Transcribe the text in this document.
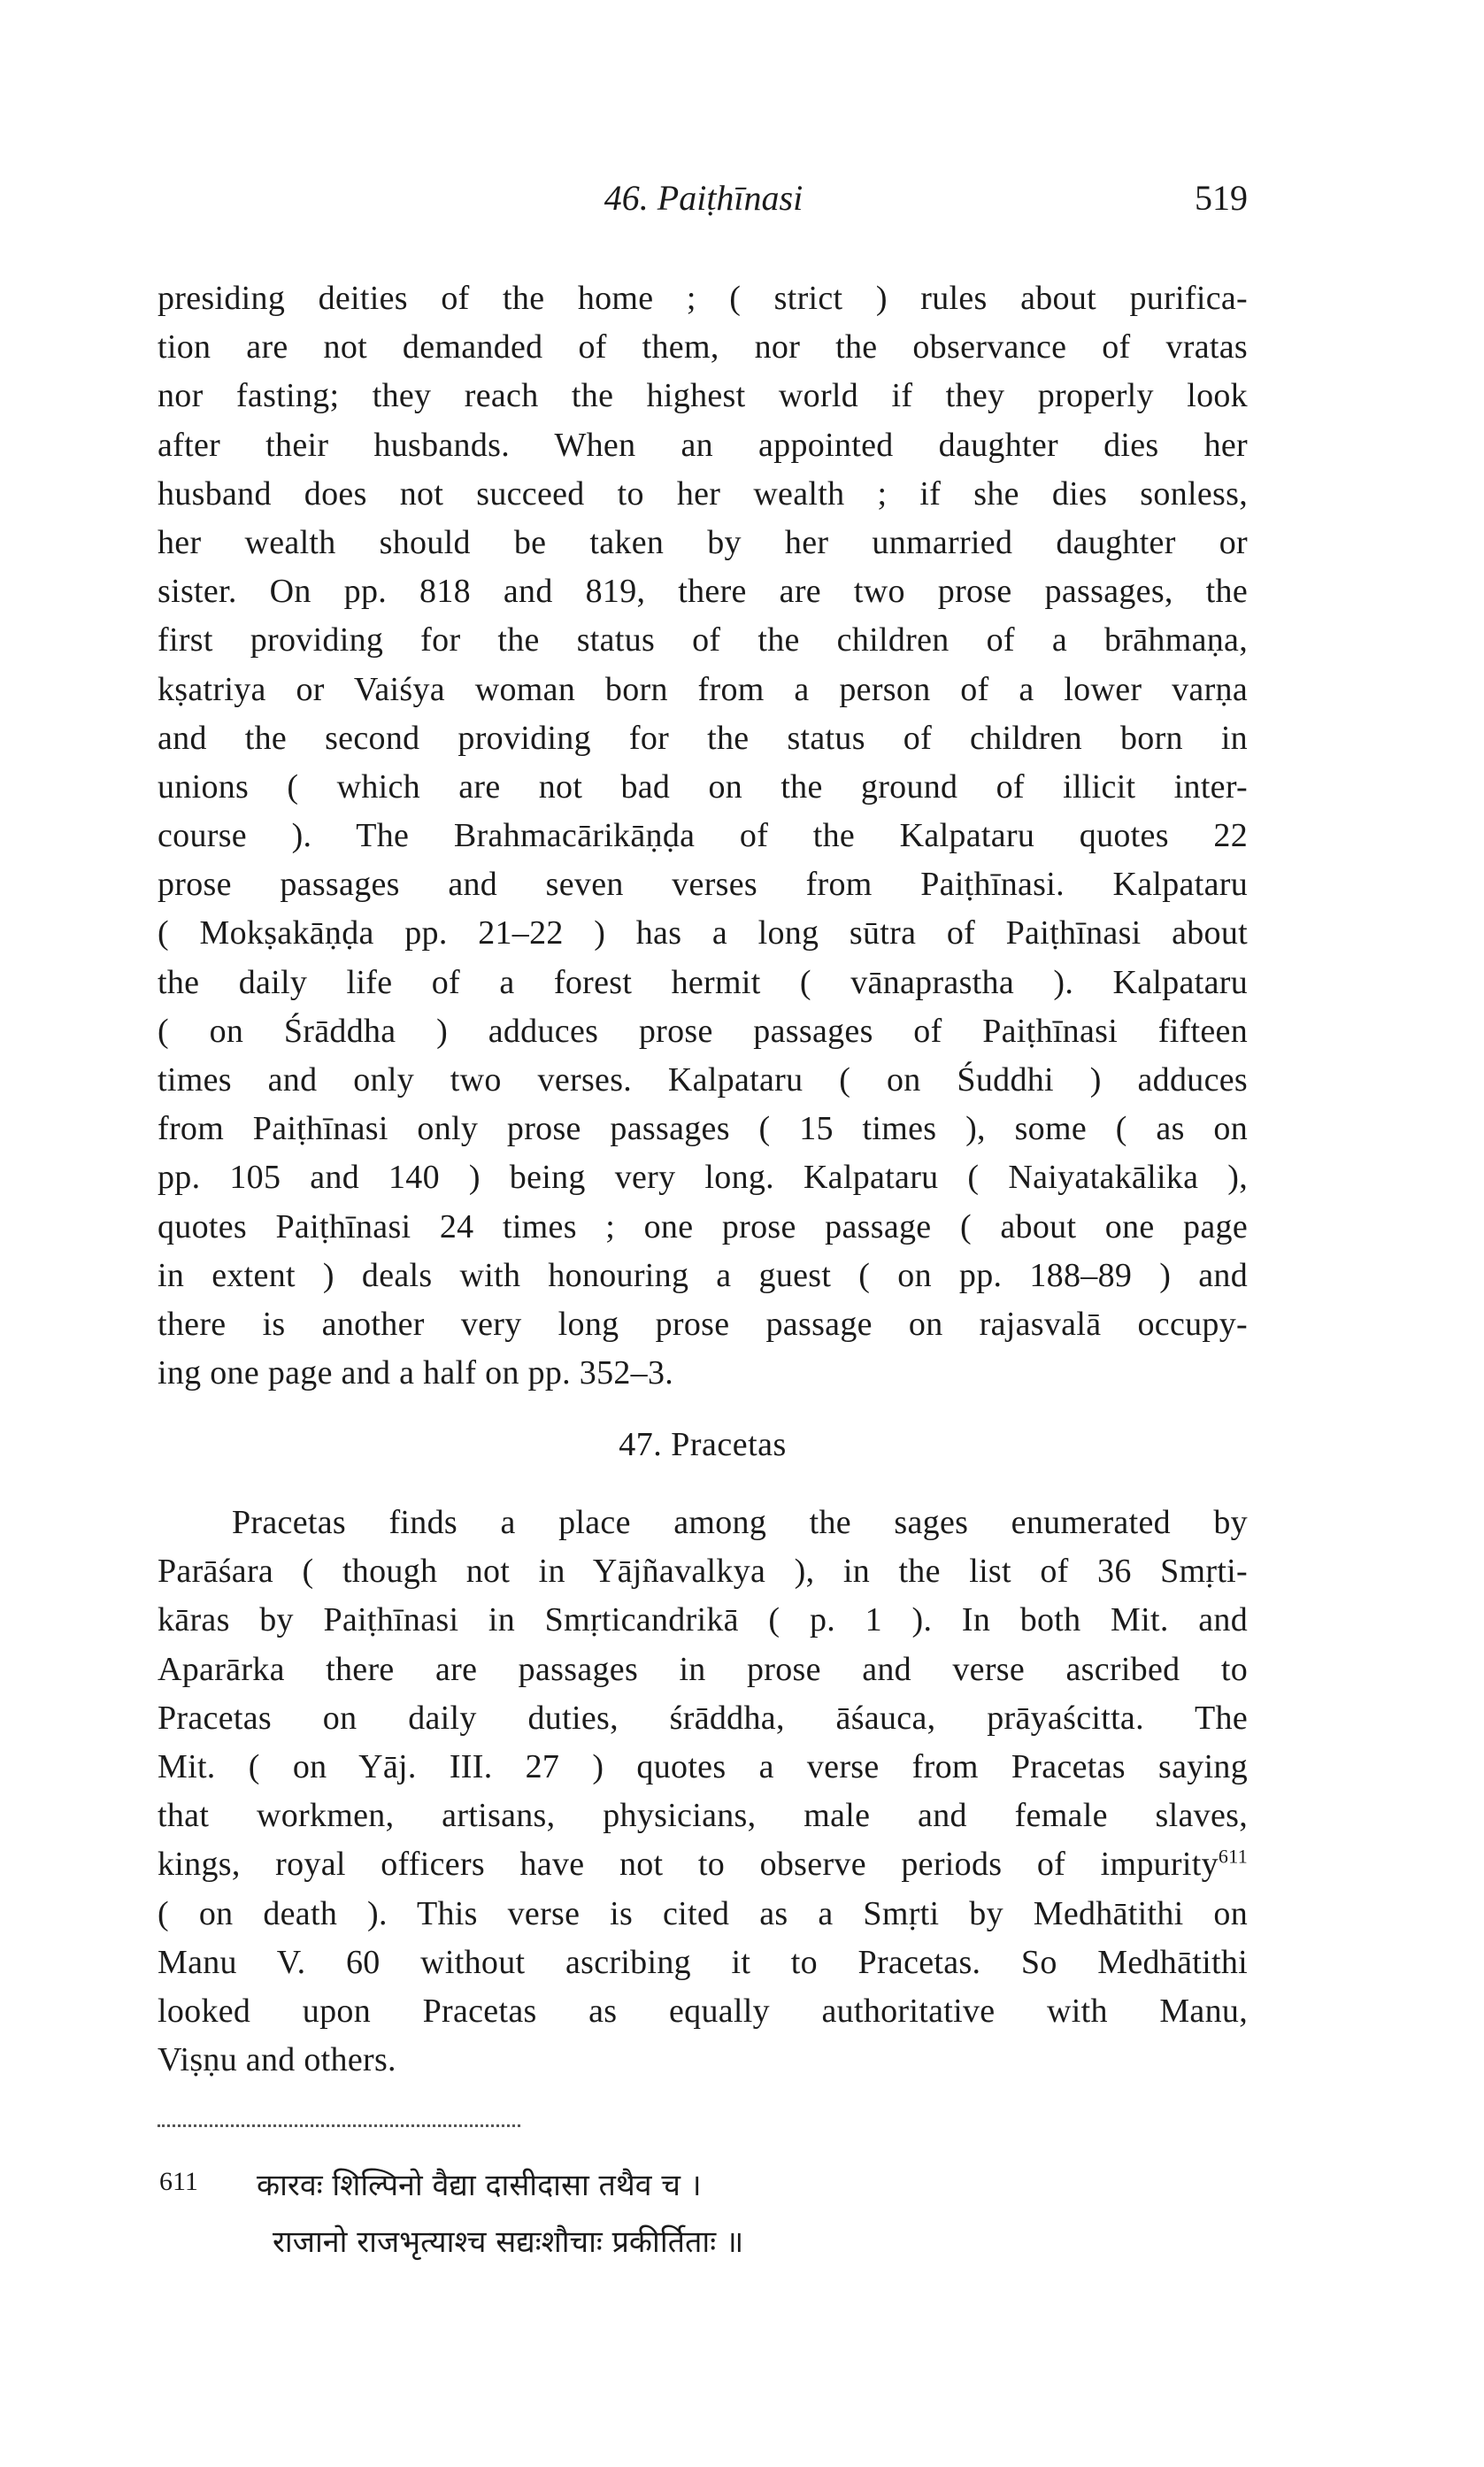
46. Paiṭhīnasi	519
presiding deities of the home ; ( strict ) rules about purifica-
tion are not demanded of them, nor the observance of vratas
nor fasting; they reach the highest world if they properly look
after their husbands. When an appointed daughter dies her
husband does not succeed to her wealth ; if she dies sonless,
her wealth should be taken by her unmarried daughter or
sister. On pp. 818 and 819, there are two prose passages, the
first providing for the status of the children of a brāhmaṇa,
kṣatriya or Vaiśya woman born from a person of a lower varṇa
and the second providing for the status of children born in
unions ( which are not bad on the ground of illicit inter-
course ). The Brahmacārikāṇḍa of the Kalpataru quotes 22
prose passages and seven verses from Paiṭhīnasi. Kalpataru
( Mokṣakāṇḍa pp. 21–22 ) has a long sūtra of Paiṭhīnasi about
the daily life of a forest hermit ( vānaprastha ). Kalpataru
( on Śrāddha ) adduces prose passages of Paiṭhīnasi fifteen
times and only two verses. Kalpataru ( on Śuddhi ) adduces
from Paiṭhīnasi only prose passages ( 15 times ), some ( as on
pp. 105 and 140 ) being very long. Kalpataru ( Naiyatakālika ),
quotes Paiṭhīnasi 24 times ; one prose passage ( about one page
in extent ) deals with honouring a guest ( on pp. 188–89 ) and
there is another very long prose passage on rajasvalā occupy-
ing one page and a half on pp. 352–3.
47. Pracetas
Pracetas finds a place among the sages enumerated by
Parāśara ( though not in Yājñavalkya ), in the list of 36 Smṛti-
kāras by Paiṭhīnasi in Smṛticandrikā ( p. 1 ). In both Mit. and
Aparārka there are passages in prose and verse ascribed to
Pracetas on daily duties, śrāddha, āśauca, prāyaścitta. The
Mit. ( on Yāj. III. 27 ) quotes a verse from Pracetas saying
that workmen, artisans, physicians, male and female slaves,
kings, royal officers have not to observe periods of impurity$^{611}$
( on death ). This verse is cited as a Smṛti by Medhātithi on
Manu V. 60 without ascribing it to Pracetas. So Medhātithi
looked upon Pracetas as equally authoritative with Manu,
Viṣṇu and others.
611 कारवः शिल्पिनो वैद्या दासीदासा तथैव च ।
राजानो राजभृत्याश्च सद्यःशौचाः प्रकीर्तिताः ॥
